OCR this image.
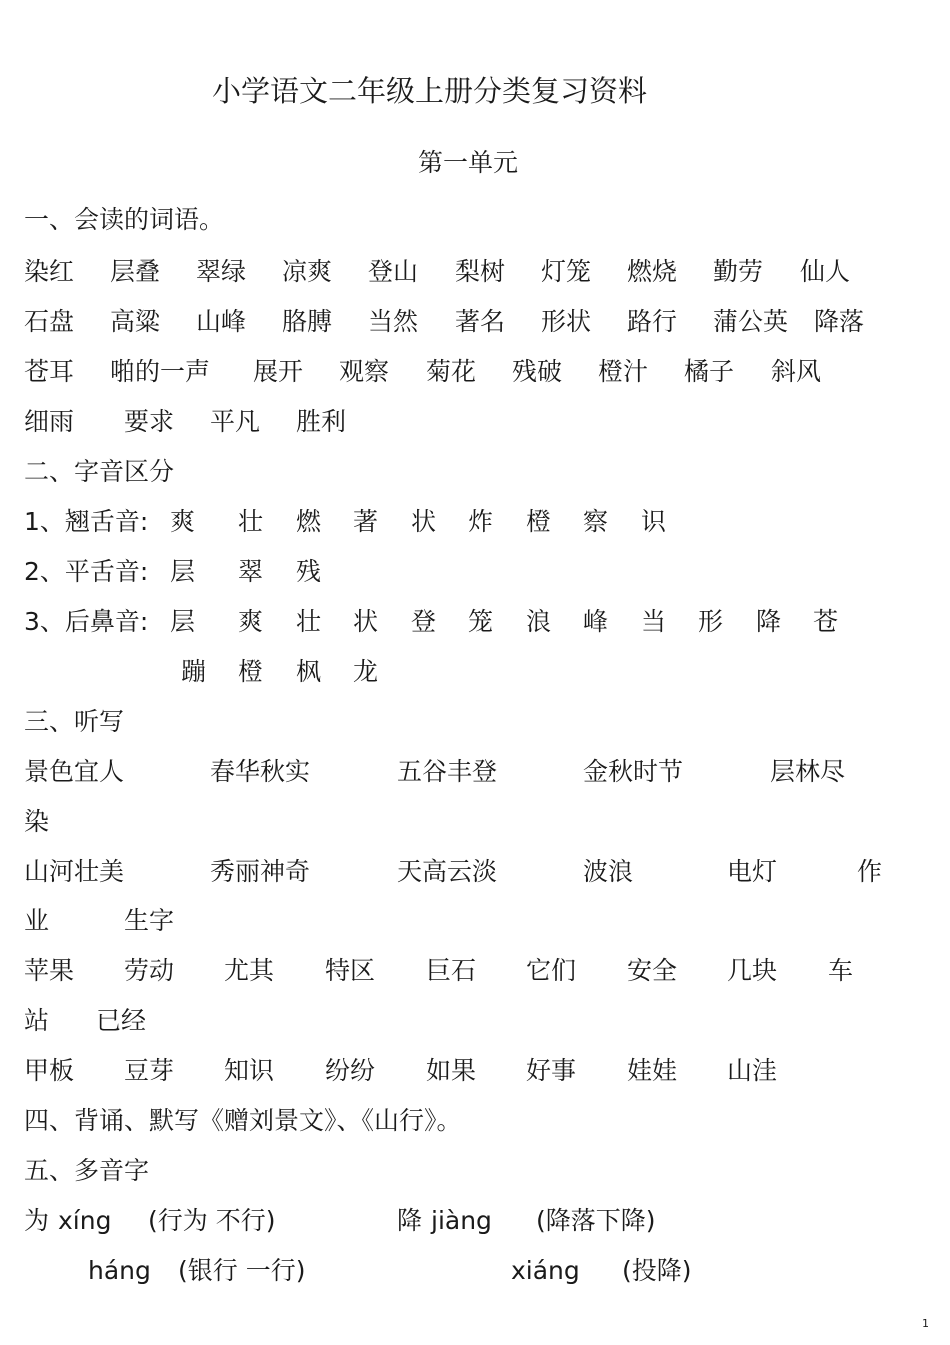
小学语文二年级上册分类复习资料
第一单元
一、会读的词语。
染红 层叠 翠绿 凉爽 登山 梨树 灯笼 燃烧 勤劳 仙人
石盘 高粱 山峰 胳膊 当然 著名 形状 路行 蒲公英 降落
苍耳 啪的一声 展开 观察 菊花 残破 橙汁 橘子 斜风
细雨 要求 平凡 胜利
二、字音区分
1、翘舌音: 爽 壮 燃 著 状 炸 橙 察 识
2、平舌音: 层 翠 残
3、后鼻音: 层 爽 壮 状 登 笼 浪 峰 当 形 降 苍
蹦 橙 枫 龙
三、听写
景色宜人	春华秋实	五谷丰登	金秋时节	层林尽
染
山河壮美	秀丽神奇	天高云淡	波浪	电灯	作
业	生字
苹果 劳动 尤其 特区 巨石 它们 安全 几块 车
站 已经
甲板 豆芽 知识 纷纷 如果 好事 娃娃 山洼
四、背诵、默写《赠刘景文》、《山行》。
五、多音字
为 xíng (行为 不行)
háng (银行 一行)
降 jiàng (降落下降)
xiáng (投降)
1
